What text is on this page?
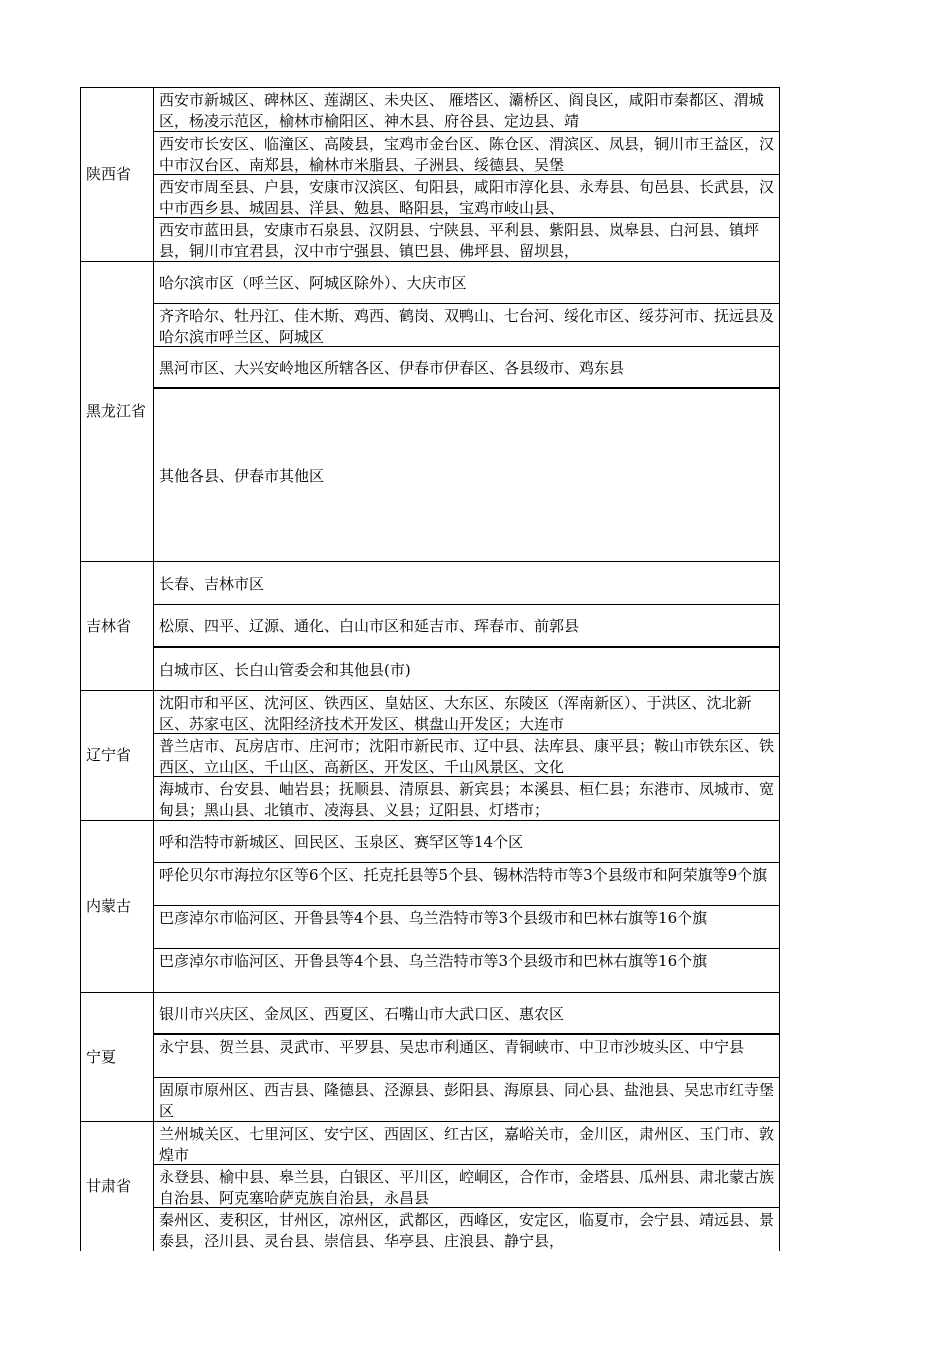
陕西省
西安市新城区、碑林区、莲湖区、未央区、 雁塔区、灞桥区、阎良区，咸阳市秦都区、渭城区，杨凌示范区，榆林市榆阳区、神木县、府谷县、定边县、靖
西安市长安区、临潼区、高陵县，宝鸡市金台区、陈仓区、渭滨区、凤县，铜川市王益区，汉中市汉台区、南郑县，榆林市米脂县、子洲县、绥德县、吴堡
西安市周至县、户县，安康市汉滨区、旬阳县，咸阳市淳化县、永寿县、旬邑县、长武县，汉中市西乡县、城固县、洋县、勉县、略阳县，宝鸡市岐山县、
西安市蓝田县，安康市石泉县、汉阴县、宁陕县、平利县、紫阳县、岚皋县、白河县、镇坪县，铜川市宜君县，汉中市宁强县、镇巴县、佛坪县、留坝县，
黑龙江省
哈尔滨市区（呼兰区、阿城区除外）、大庆市区
齐齐哈尔、牡丹江、佳木斯、鸡西、鹤岗、双鸭山、七台河、绥化市区、绥芬河市、抚远县及哈尔滨市呼兰区、阿城区
黑河市区、大兴安岭地区所辖各区、伊春市伊春区、各县级市、鸡东县
其他各县、伊春市其他区
吉林省
长春、吉林市区
松原、四平、辽源、通化、白山市区和延吉市、珲春市、前郭县
白城市区、长白山管委会和其他县(市)
辽宁省
沈阳市和平区、沈河区、铁西区、皇姑区、大东区、东陵区（浑南新区）、于洪区、沈北新区、苏家屯区、沈阳经济技术开发区、棋盘山开发区；大连市
普兰店市、瓦房店市、庄河市；沈阳市新民市、辽中县、法库县、康平县；鞍山市铁东区、铁西区、立山区、千山区、高新区、开发区、千山风景区、文化
海城市、台安县、岫岩县；抚顺县、清原县、新宾县；本溪县、桓仁县；东港市、凤城市、宽甸县；黑山县、北镇市、凌海县、义县；辽阳县、灯塔市；
内蒙古
呼和浩特市新城区、回民区、玉泉区、赛罕区等14个区
呼伦贝尔市海拉尔区等6个区、托克托县等5个县、锡林浩特市等3个县级市和阿荣旗等9个旗
巴彦淖尔市临河区、开鲁县等4个县、乌兰浩特市等3个县级市和巴林右旗等16个旗
巴彦淖尔市临河区、开鲁县等4个县、乌兰浩特市等3个县级市和巴林右旗等16个旗
宁夏
银川市兴庆区、金凤区、西夏区、石嘴山市大武口区、惠农区
永宁县、贺兰县、灵武市、平罗县、吴忠市利通区、青铜峡市、中卫市沙坡头区、中宁县
固原市原州区、西吉县、隆德县、泾源县、彭阳县、海原县、同心县、盐池县、吴忠市红寺堡区
甘肃省
兰州城关区、七里河区、安宁区、西固区、红古区，嘉峪关市，金川区，肃州区、玉门市、敦煌市
永登县、榆中县、皋兰县，白银区、平川区，崆峒区，合作市，金塔县、瓜州县、肃北蒙古族自治县、阿克塞哈萨克族自治县，永昌县
秦州区、麦积区，甘州区，凉州区，武都区，西峰区，安定区，临夏市，会宁县、靖远县、景泰县，泾川县、灵台县、崇信县、华亭县、庄浪县、静宁县，
